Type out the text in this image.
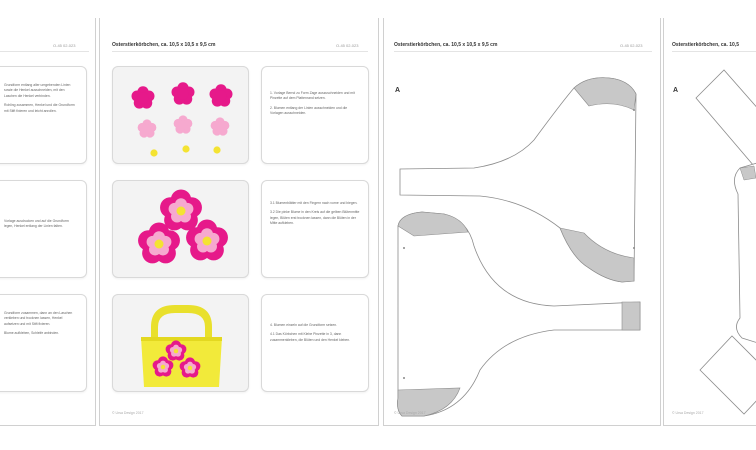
O-45 02-023

Grundform entlang aller umgebenden Linien sowie die Henkel ausschneiden, mit den Laschen die Henkel verbinden.

Rohling zusammen, Henkel und die Grundform mit Stift fixieren und leicht anrollen.

Vorlage ausdrucken und auf die Grundform legen, Henkel entlang der Linien falten.

Grundform zusammen, dann an den Laschen verkleben und trocknen lassen, Henkel aufsetzen und mit Stift fixieren.

Blume aufkleben, Schleife anbinden.

Osterstierkörbchen, ca. 10,5 x 10,5 x 9,5 cm	O-45 02-023

1. Vorlage Bernd zu Form Zage auszuschneiden und mit Pinzette auf dem Plattenrand setzen.

2. Blumen entlang der Linien ausschneiden und die Vorlagen ausschneiden.

3.1 Blumenblätter mit den Fingern nach vorne und biegen.

3.2 Die pinke Blume in den Kreis auf die gelben Blütenmitte legen, Blüten erst trocknen lassen, dann die Blüten in der Mitte aufkleben.

4. Blumen einzeln auf die Grundform setzen.

4.1 Das Körbchen mit Klebe Pinzette in 3, dann zusammenkleben, die Blüten und den Henkel kleben.

© Ursa Design 2017
Osterstierkörbchen, ca. 10,5 x 10,5 x 9,5 cm	O-45 02-023
A
© Ursa Design 2017
Osterstierkörbchen, ca. 10,5
A
© Ursa Design 2017
